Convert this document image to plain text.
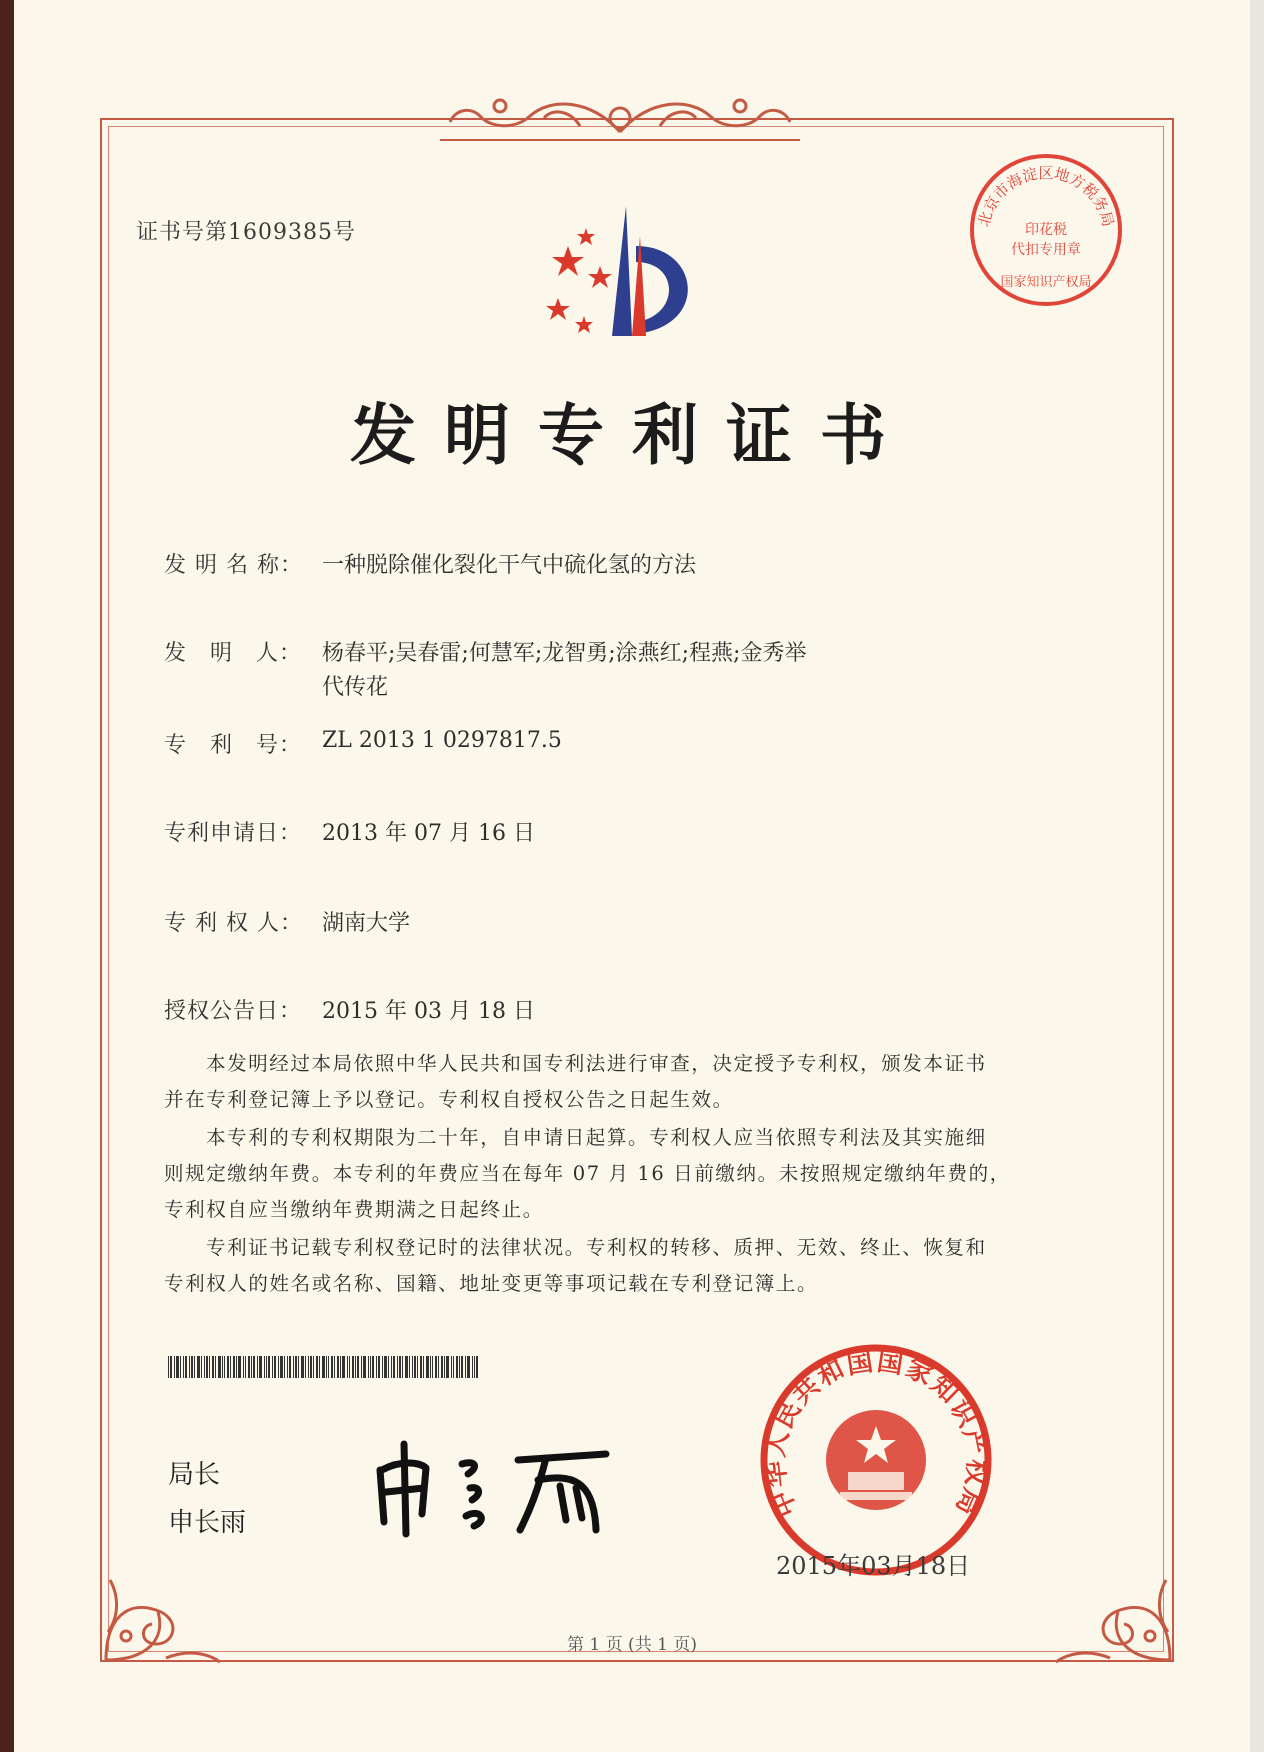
证书号第1609385号
北京市海淀区地方税务局
印花税
代扣专用章
国家知识产权局
发明专利证书
发 明 名 称： 一种脱除催化裂化干气中硫化氢的方法
发　明　人： 杨春平;吴春雷;何慧军;龙智勇;涂燕红;程燕;金秀举
代传花
专　利　号： ZL 2013 1 0297817.5
专利申请日： 2013 年 07 月 16 日
专 利 权 人： 湖南大学
授权公告日： 2015 年 03 月 18 日
本发明经过本局依照中华人民共和国专利法进行审查，决定授予专利权，颁发本证书
并在专利登记簿上予以登记。专利权自授权公告之日起生效。
本专利的专利权期限为二十年，自申请日起算。专利权人应当依照专利法及其实施细
则规定缴纳年费。本专利的年费应当在每年 07 月 16 日前缴纳。未按照规定缴纳年费的，
专利权自应当缴纳年费期满之日起终止。
专利证书记载专利权登记时的法律状况。专利权的转移、质押、无效、终止、恢复和
专利权人的姓名或名称、国籍、地址变更等事项记载在专利登记簿上。
局长
申长雨
中华人民共和国国家知识产权局
2015年03月18日
第 1 页 (共 1 页)
